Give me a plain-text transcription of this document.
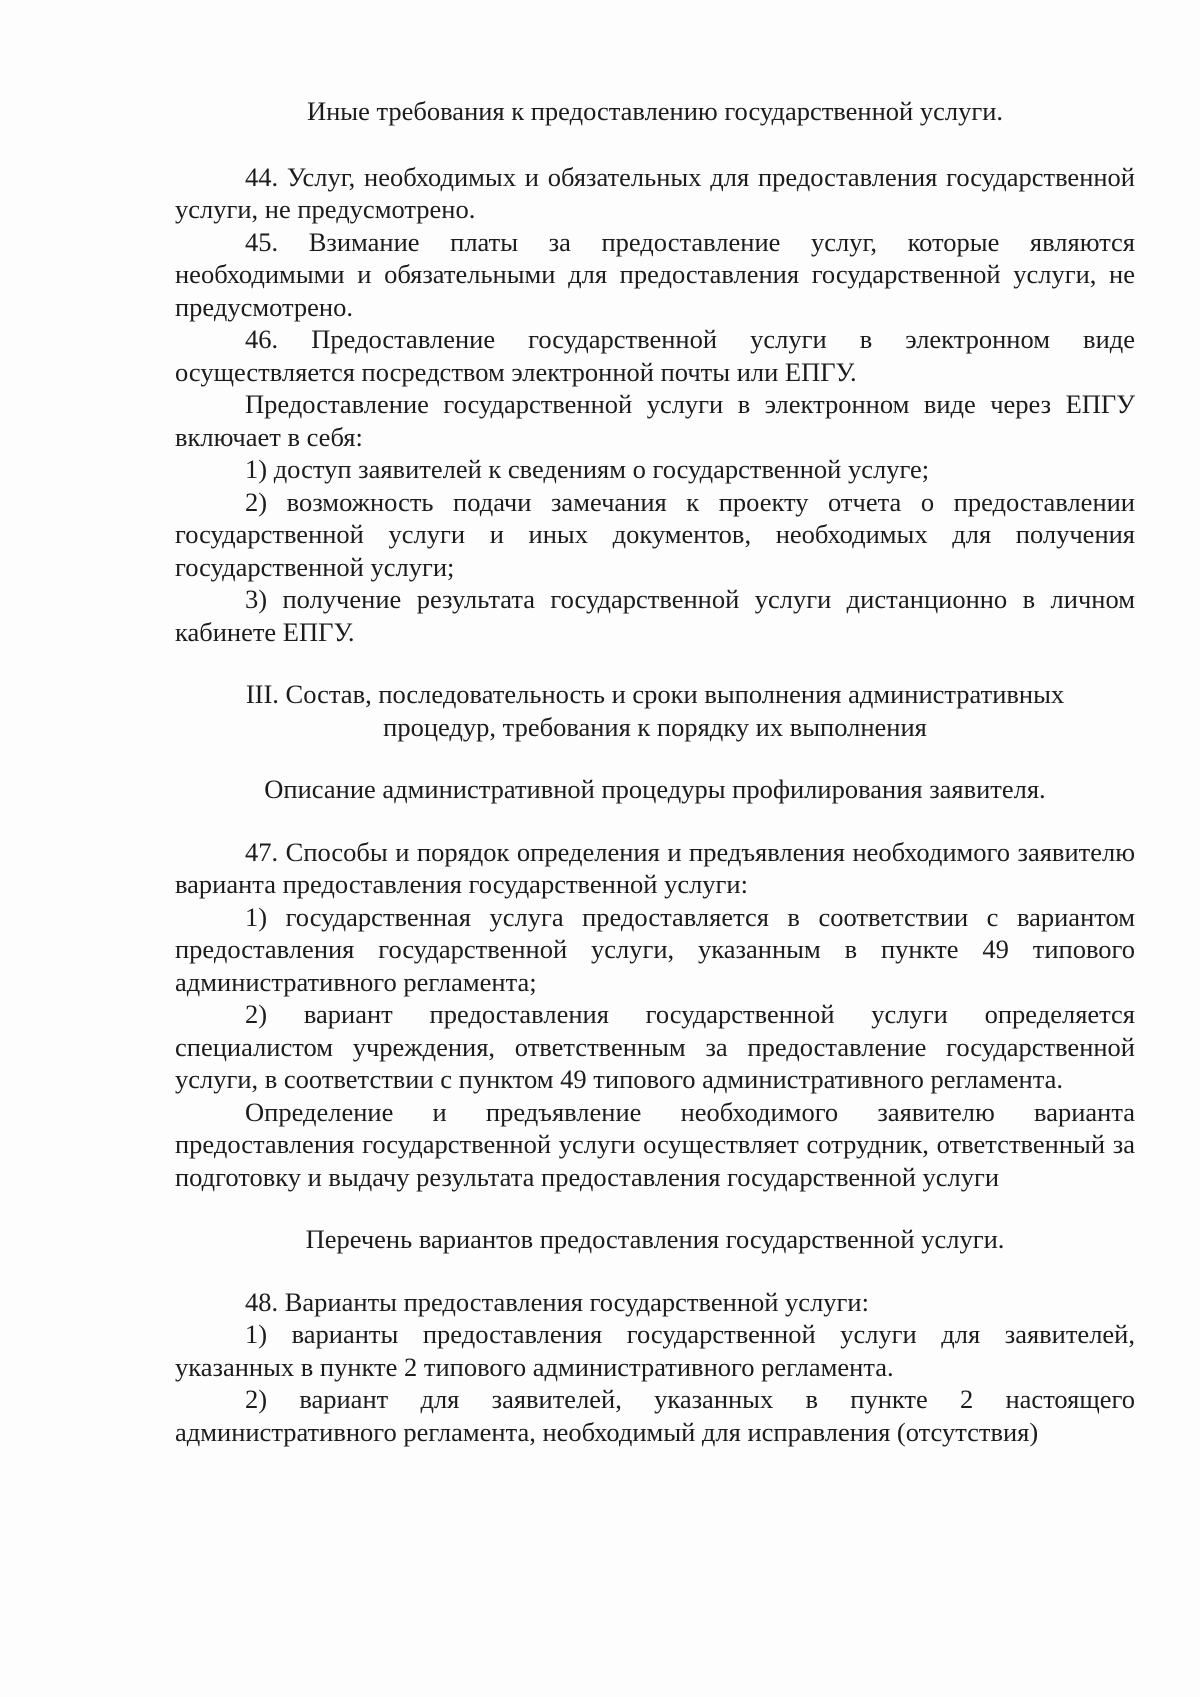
Иные требования к предоставлению государственной услуги.

44. Услуг, необходимых и обязательных для предоставления государственной услуги, не предусмотрено.

45. Взимание платы за предоставление услуг, которые являются необходимыми и обязательными для предоставления государственной услуги, не предусмотрено.

46. Предоставление государственной услуги в электронном виде осуществляется посредством электронной почты или ЕПГУ.

Предоставление государственной услуги в электронном виде через ЕПГУ включает в себя:

1) доступ заявителей к сведениям о государственной услуге;

2) возможность подачи замечания к проекту отчета о предоставлении государственной услуги и иных документов, необходимых для получения государственной услуги;

3) получение результата государственной услуги дистанционно в личном кабинете ЕПГУ.

III. Состав, последовательность и сроки выполнения административных

процедур, требования к порядку их выполнения

Описание административной процедуры профилирования заявителя.

47. Способы и порядок определения и предъявления необходимого заявителю варианта предоставления государственной услуги:

1) государственная услуга предоставляется в соответствии с вариантом предоставления государственной услуги, указанным в пункте 49 типового административного регламента;

2) вариант предоставления государственной услуги определяется специалистом учреждения, ответственным за предоставление государственной услуги, в соответствии с пунктом 49 типового административного регламента.

Определение и предъявление необходимого заявителю варианта предоставления государственной услуги осуществляет сотрудник, ответственный за подготовку и выдачу результата предоставления государственной услуги

Перечень вариантов предоставления государственной услуги.

48. Варианты предоставления государственной услуги:

1) варианты предоставления государственной услуги для заявителей, указанных в пункте 2 типового административного регламента.

2) вариант для заявителей, указанных в пункте 2 настоящего административного регламента, необходимый для исправления (отсутствия)
